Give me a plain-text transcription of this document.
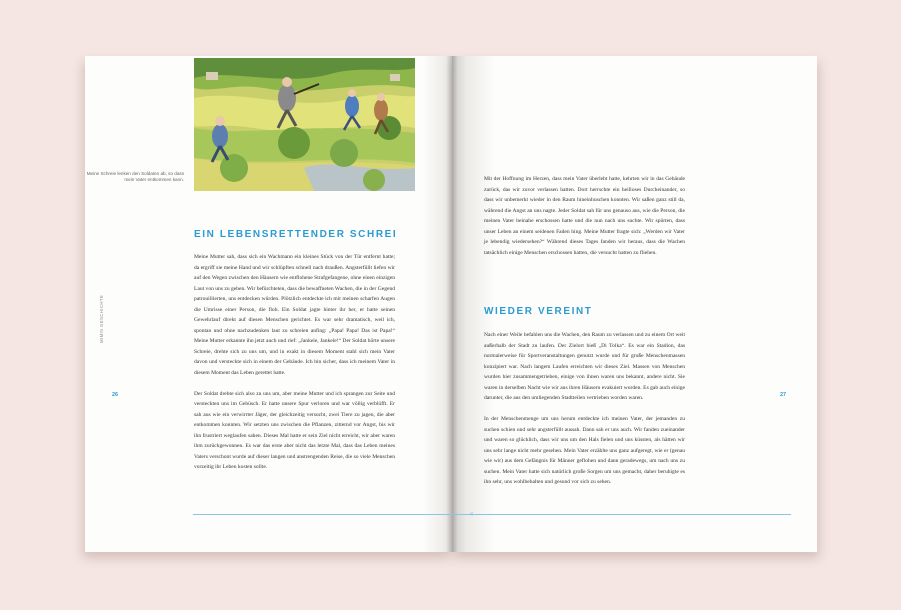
Meine Schreie lenken den Soldaten ab, so dass mein Vater entkommen kann.
EIN LEBENSRETTENDER SCHREI

Meine Mutter sah, dass sich ein Wachmann ein kleines Stück von der Tür entfernt hatte; da ergriff sie meine Hand und wir schlüpften schnell nach draußen. Angsterfüllt liefen wir auf den Wegen zwischen den Häusern wie entflohene Strafgefangene, ohne einen einzigen Laut von uns zu geben. Wir befürchteten, dass die bewaffneten Wachen, die in der Gegend patrouillierten, uns entdecken würden. Plötzlich entdeckte ich mit meinen scharfen Augen die Umrisse einer Person, die floh. Ein Soldat jagte hinter ihr her, er hatte seinen Gewehrlauf direkt auf diesen Menschen gerichtet. Es war sehr dramatisch, weil ich, spontan und ohne nachzudenken laut zu schreien anfing: „Papa! Papa! Das ist Papa!“ Meine Mutter erkannte ihn jetzt auch und rief: „Jankele, Jankele!“ Der Soldat hörte unsere Schreie, drehte sich zu uns um, und in exakt in diesem Moment stahl sich mein Vater davon und versteckte sich in einem der Gebäude. Ich bin sicher, dass ich meinem Vater in diesem Moment das Leben gerettet hatte.

Der Soldat drehte sich also zu uns um, aber meine Mutter und ich sprangen zur Seite und versteckten uns im Gebüsch. Er hatte unsere Spur verloren und war völlig verblüfft. Er sah aus wie ein verwirrter Jäger, der gleichzeitig versucht, zwei Tiere zu jagen, die aber entkommen konnten. Wir setzten uns zwischen die Pflanzen, zitternd vor Angst, bis wir ihn frustriert weglaufen sahen. Dieses Mal hatte er sein Ziel nicht erreicht, wir aber waren ihm zurückgewonnen. Es war das erste aber nicht das letzte Mal, dass das Leben meines Vaters verschont wurde auf dieser langen und anstrengenden Reise, die so viele Menschen vorzeitig ihr Leben kosten sollte.

MIMIS GESCHICHTE
26

Mit der Hoffnung im Herzen, dass mein Vater überlebt hatte, kehrten wir in das Gebäude zurück, das wir zuvor verlassen hatten. Dort herrschte ein heilloses Durcheinander, so dass wir unbemerkt wieder in den Raum hineinhuschen konnten. Wir saßen ganz still da, während die Angst an uns nagte. Jeder Soldat sah für uns genauso aus, wie die Person, die meinen Vater beinahe erschossen hatte und die nun nach uns suchte. Wir spürten, dass unser Leben an einem seidenen Faden hing. Meine Mutter fragte sich: „Werden wir Vater je lebendig wiedersehen?“ Während dieses Tages fanden wir heraus, dass die Wachen tatsächlich einige Menschen erschossen hatten, die versucht hatten zu fliehen.

WIEDER VEREINT

Nach einer Weile befahlen uns die Wachen, den Raum zu verlassen und zu einem Ort weit außerhalb der Stadt zu laufen. Der Zielort hieß „Di Tolka“. Es war ein Stadion, das normalerweise für Sportveranstaltungen genutzt wurde und für große Menschenmassen konzipiert war. Nach langem Laufen erreichten wir dieses Ziel. Massen von Menschen wurden hier zusammengetrieben, einige von ihnen waren uns bekannt, andere nicht. Sie waren in derselben Nacht wie wir aus ihren Häusern evakuiert worden. Es gab auch einige darunter, die aus den umliegenden Stadtteilen vertrieben worden waren.

In der Menschenmenge um uns herum entdeckte ich meinen Vater, der jemanden zu suchen schien und sehr angsterfüllt aussah. Dann sah er uns auch. Wir fanden zueinander und waren so glücklich, dass wir uns um den Hals fielen und uns küssten, als hätten wir uns sehr lange nicht mehr gesehen. Mein Vater erzählte uns ganz aufgeregt, wie er (genau wie wir) aus dem Gefängnis für Männer geflohen und dann geradewegs, um nach uns zu suchen. Mein Vater hatte sich natürlich große Sorgen um uns gemacht, daher beruhigte es ihn sehr, uns wohlbehalten und gesund vor sich zu sehen.

27
✕
